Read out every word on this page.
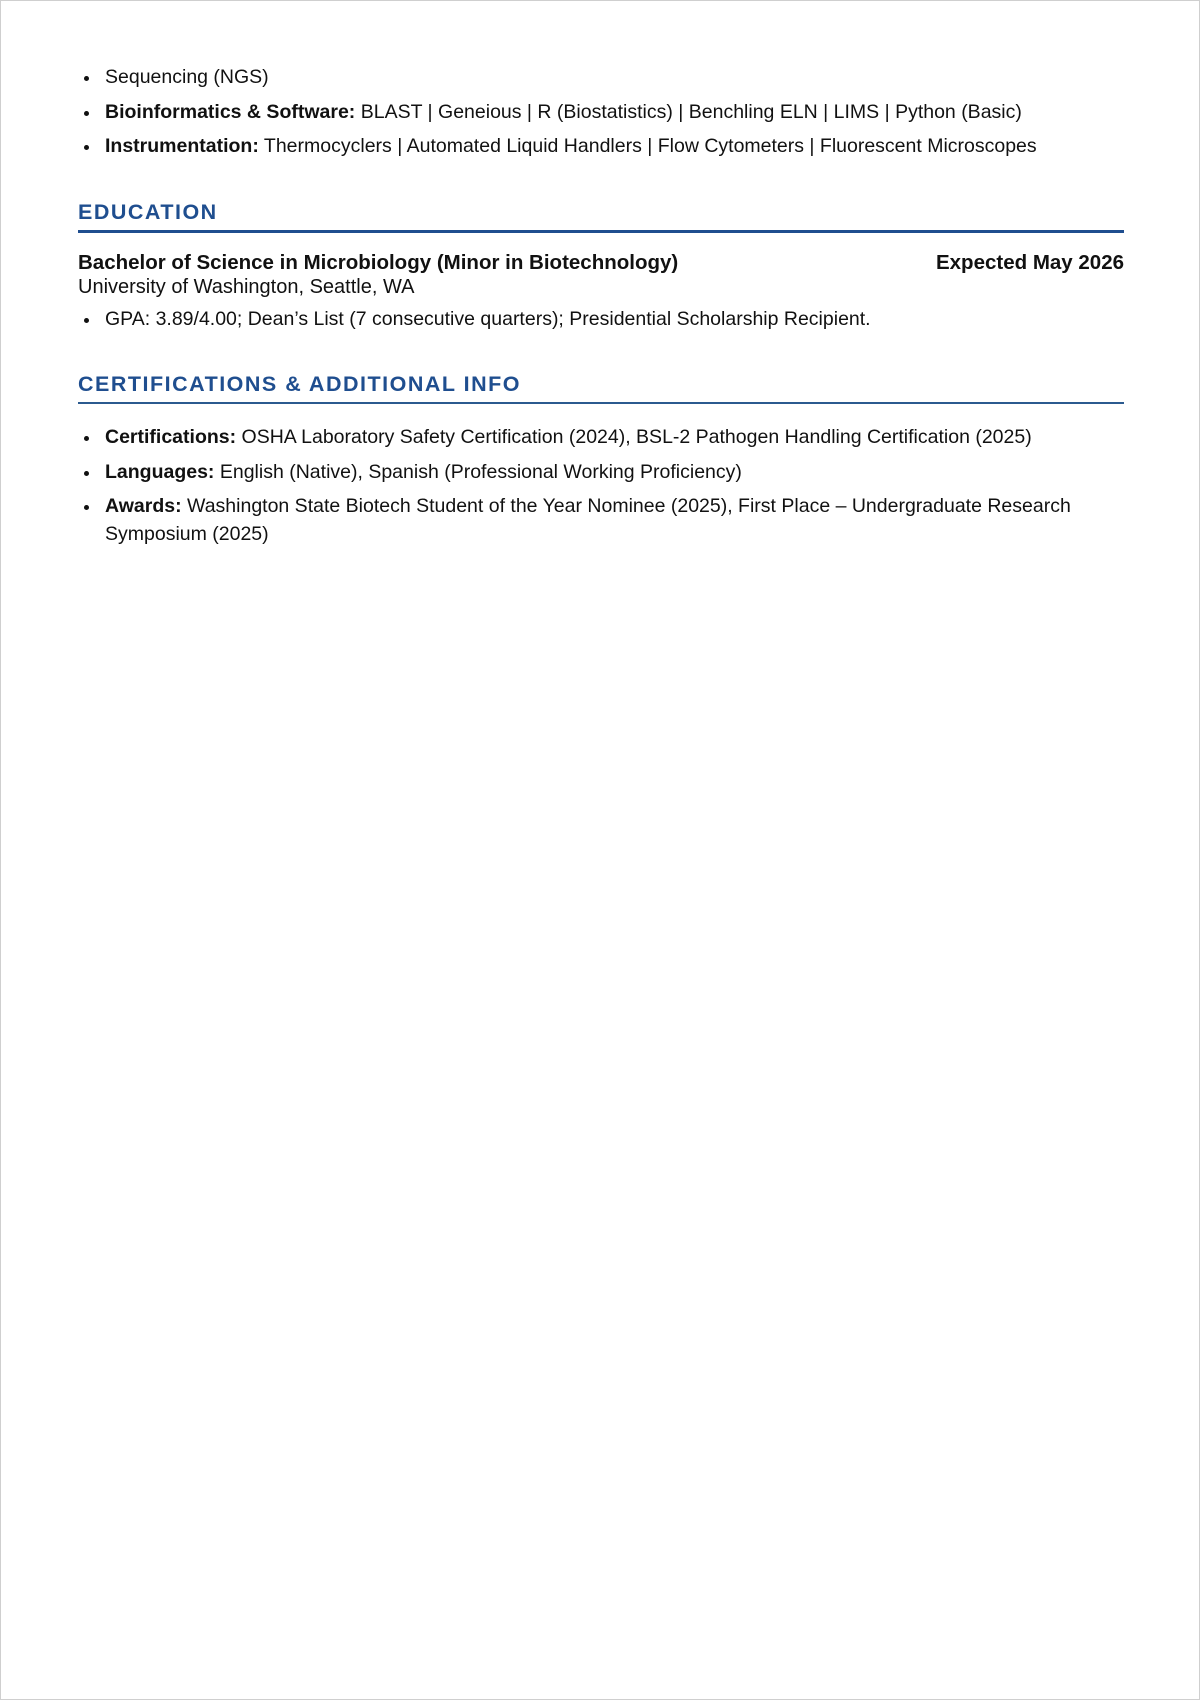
Sequencing (NGS)
Bioinformatics & Software: BLAST | Geneious | R (Biostatistics) | Benchling ELN | LIMS | Python (Basic)
Instrumentation: Thermocyclers | Automated Liquid Handlers | Flow Cytometers | Fluorescent Microscopes
EDUCATION
Bachelor of Science in Microbiology (Minor in Biotechnology)	Expected May 2026
University of Washington, Seattle, WA
GPA: 3.89/4.00; Dean’s List (7 consecutive quarters); Presidential Scholarship Recipient.
CERTIFICATIONS & ADDITIONAL INFO
Certifications: OSHA Laboratory Safety Certification (2024), BSL-2 Pathogen Handling Certification (2025)
Languages: English (Native), Spanish (Professional Working Proficiency)
Awards: Washington State Biotech Student of the Year Nominee (2025), First Place – Undergraduate Research Symposium (2025)
